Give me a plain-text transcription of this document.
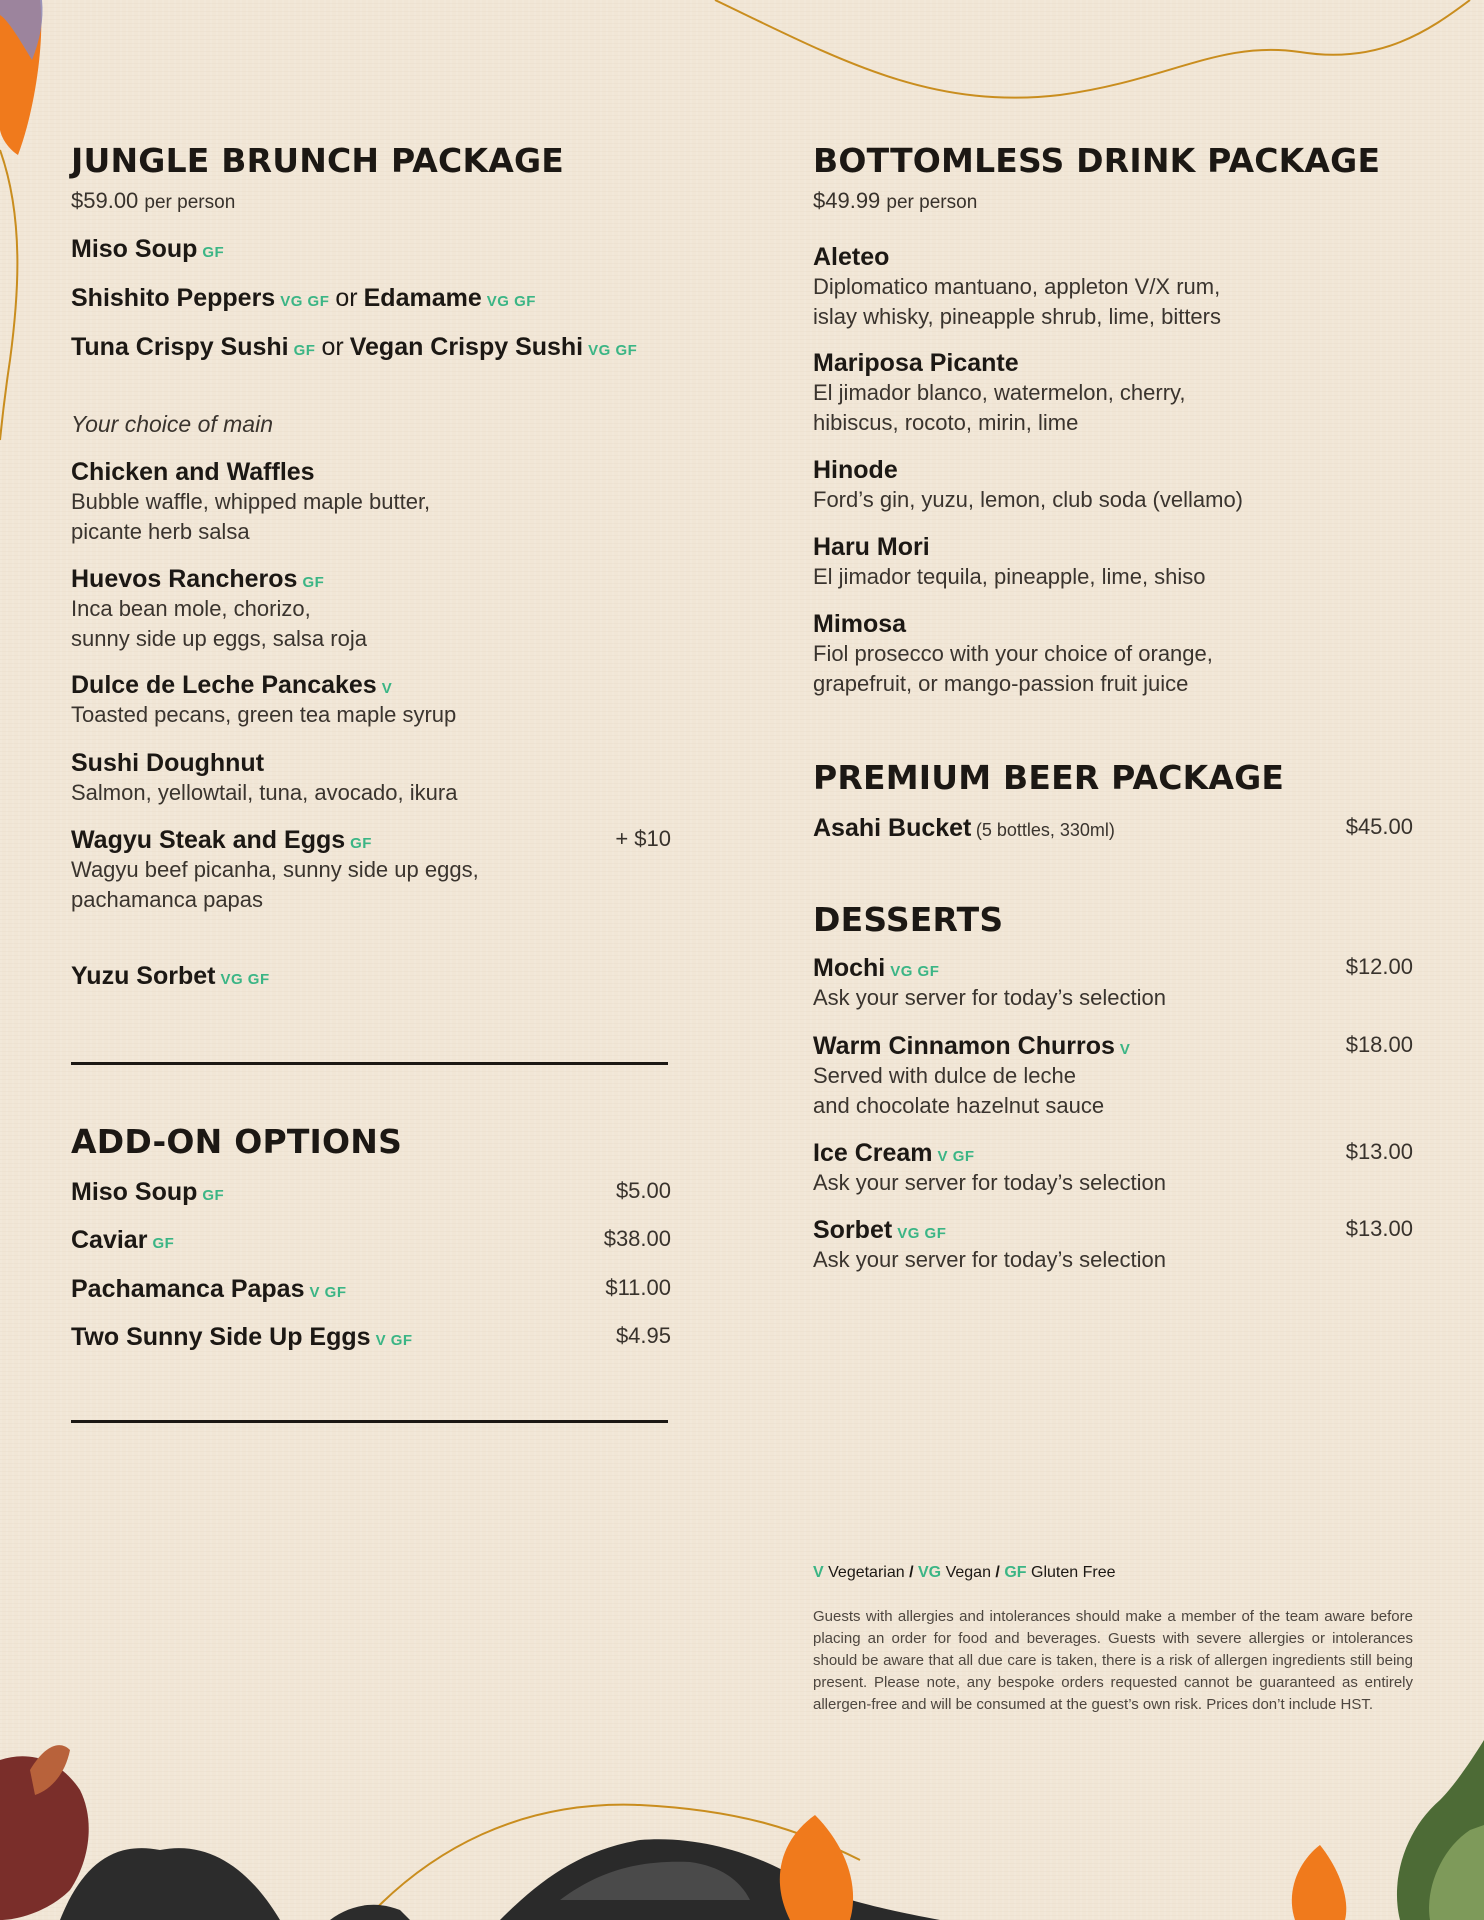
JUNGLE BRUNCH PACKAGE
$59.00 per person
Miso Soup GF
Shishito Peppers VG GF or Edamame VG GF
Tuna Crispy Sushi GF or Vegan Crispy Sushi VG GF
Your choice of main
Chicken and Waffles
Bubble waffle, whipped maple butter,
picante herb salsa
Huevos Rancheros GF
Inca bean mole, chorizo,
sunny side up eggs, salsa roja
Dulce de Leche Pancakes V
Toasted pecans, green tea maple syrup
Sushi Doughnut
Salmon, yellowtail, tuna, avocado, ikura
Wagyu Steak and Eggs GF	+ $10
Wagyu beef picanha, sunny side up eggs,
pachamanca papas
Yuzu Sorbet VG GF
ADD-ON OPTIONS
Miso Soup GF	$5.00
Caviar GF	$38.00
Pachamanca Papas V GF	$11.00
Two Sunny Side Up Eggs V GF	$4.95
BOTTOMLESS DRINK PACKAGE
$49.99 per person
Aleteo
Diplomatico mantuano, appleton V/X rum,
islay whisky, pineapple shrub, lime, bitters
Mariposa Picante
El jimador blanco, watermelon, cherry,
hibiscus, rocoto, mirin, lime
Hinode
Ford’s gin, yuzu, lemon, club soda (vellamo)
Haru Mori
El jimador tequila, pineapple, lime, shiso
Mimosa
Fiol prosecco with your choice of orange,
grapefruit, or mango-passion fruit juice
PREMIUM BEER PACKAGE
Asahi Bucket (5 bottles, 330ml)	$45.00
DESSERTS
Mochi VG GF	$12.00
Ask your server for today’s selection
Warm Cinnamon Churros V	$18.00
Served with dulce de leche
and chocolate hazelnut sauce
Ice Cream V GF	$13.00
Ask your server for today’s selection
Sorbet VG GF	$13.00
Ask your server for today’s selection
V Vegetarian / VG Vegan / GF Gluten Free
Guests with allergies and intolerances should make a member of the team aware before placing an order for food and beverages. Guests with severe allergies or intolerances should be aware that all due care is taken, there is a risk of allergen ingredients still being present. Please note, any bespoke orders requested cannot be guaranteed as entirely allergen-free and will be consumed at the guest’s own risk. Prices don’t include HST.
